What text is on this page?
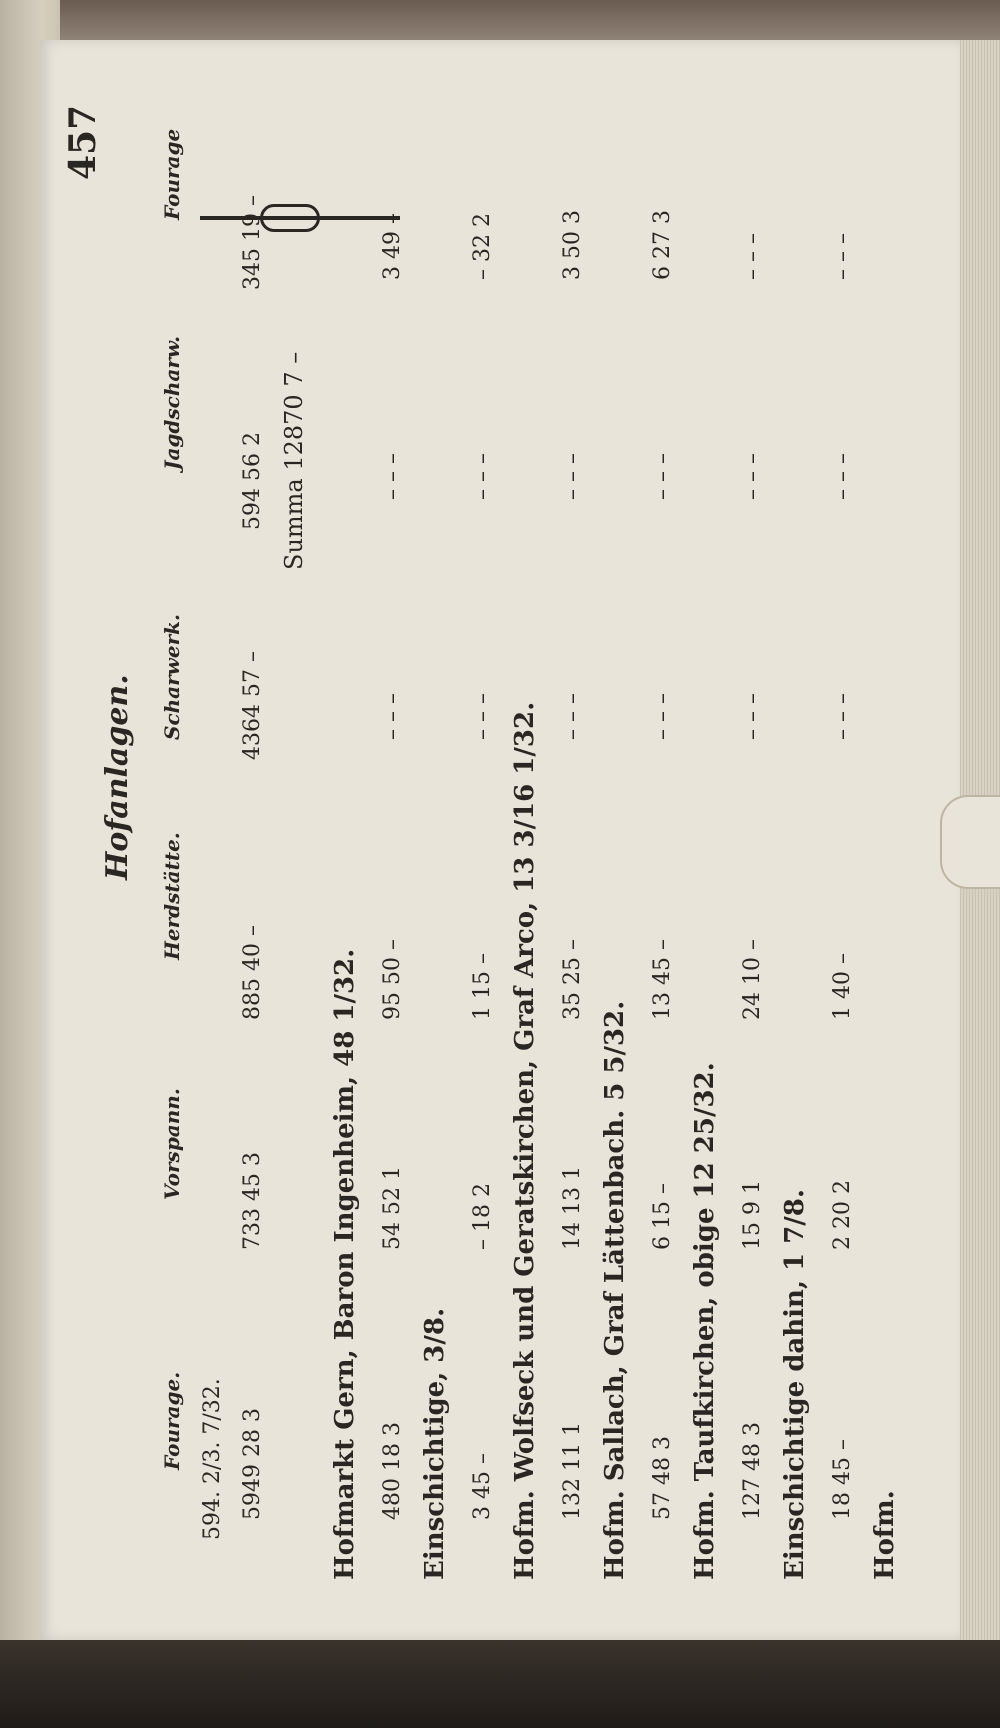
457
Hofanlagen.
Fourage.
Vorspann.
Herdstätte.
Scharwerk.
Jagdscharw.
Fourage
594. 2/3. 7/32. 5949 28 3
733 45 3
885 40 –
4364 57 –
594 56 2
345 19 –
Summa 12870 7 –
Hofmarkt Gern, Baron Ingenheim, 48 1/32. 480 18 3
54 52 1
95 50 –
– – –
– – –
3 49 –
Einschichtige, 3/8. 3 45 –
– 18 2
1 15 –
– – –
– – –
– 32 2
Hofm. Wolfseck und Geratskirchen, Graf Arco, 13 3/16 1/32. 132 11 1
14 13 1
35 25 –
– – –
– – –
3 50 3
Hofm. Sallach, Graf Lättenbach. 5 5/32. 57 48 3
6 15 –
13 45 –
– – –
– – –
6 27 3
Hofm. Taufkirchen, obige 12 25/32. 127 48 3
15 9 1
24 10 –
– – –
– – –
– – –
Einschichtige dahin, 1 7/8. 18 45 –
2 20 2
1 40 –
– – –
– – –
– – –
Hofm.
